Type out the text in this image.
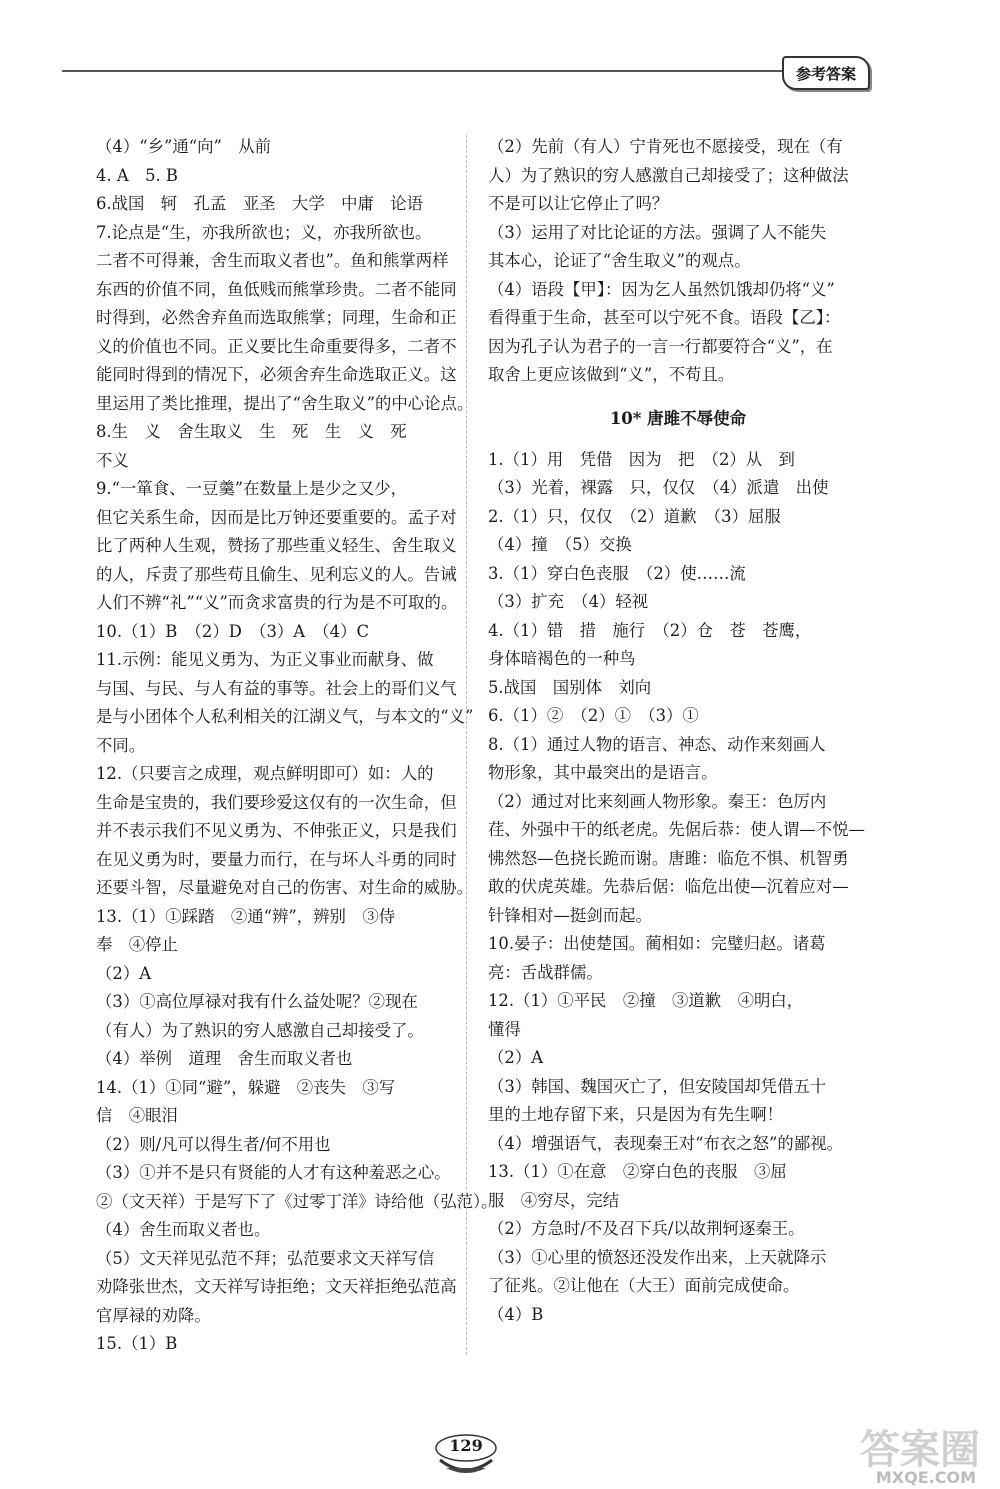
参考答案
（4）“乡”通“向”　从前
4. A　5. B
6.战国　轲　孔孟　亚圣　大学　中庸　论语
7.论点是“生，亦我所欲也；义，亦我所欲也。
二者不可得兼，舍生而取义者也”。鱼和熊掌两样
东西的价值不同，鱼低贱而熊掌珍贵。二者不能同
时得到，必然舍弃鱼而选取熊掌；同理，生命和正
义的价值也不同。正义要比生命重要得多，二者不
能同时得到的情况下，必须舍弃生命选取正义。这
里运用了类比推理，提出了“舍生取义”的中心论点。
8.生　义　舍生取义　生　死　生　义　死
不义
9.“一箪食、一豆羹”在数量上是少之又少，
但它关系生命，因而是比万钟还要重要的。孟子对
比了两种人生观，赞扬了那些重义轻生、舍生取义
的人，斥责了那些苟且偷生、见利忘义的人。告诫
人们不辨“礼”“义”而贪求富贵的行为是不可取的。
10.（1）B　（2）D　（3）A　（4）C
11.示例：能见义勇为、为正义事业而献身、做
与国、与民、与人有益的事等。社会上的哥们义气
是与小团体个人私利相关的江湖义气，与本文的“义”
不同。
12.（只要言之成理，观点鲜明即可）如：人的
生命是宝贵的，我们要珍爱这仅有的一次生命，但
并不表示我们不见义勇为、不伸张正义，只是我们
在见义勇为时，要量力而行，在与坏人斗勇的同时
还要斗智，尽量避免对自己的伤害、对生命的威胁。
13.（1）①踩踏　②通“辨”，辨别　③侍
奉　④停止
（2）A
（3）①高位厚禄对我有什么益处呢？②现在
（有人）为了熟识的穷人感激自己却接受了。
（4）举例　道理　舍生而取义者也
14.（1）①同“避”，躲避　②丧失　③写
信　④眼泪
（2）则/凡可以得生者/何不用也
（3）①并不是只有贤能的人才有这种羞恶之心。
②（文天祥）于是写下了《过零丁洋》诗给他（弘范）。
（4）舍生而取义者也。
（5）文天祥见弘范不拜；弘范要求文天祥写信
劝降张世杰，文天祥写诗拒绝；文天祥拒绝弘范高
官厚禄的劝降。
15.（1）B
（2）先前（有人）宁肯死也不愿接受，现在（有
人）为了熟识的穷人感激自己却接受了；这种做法
不是可以让它停止了吗？
（3）运用了对比论证的方法。强调了人不能失
其本心，论证了“舍生取义”的观点。
（4）语段【甲】：因为乞人虽然饥饿却仍将“义”
看得重于生命，甚至可以宁死不食。语段【乙】：
因为孔子认为君子的一言一行都要符合“义”，在
取舍上更应该做到“义”，不苟且。
10* 唐雎不辱使命
1.（1）用　凭借　因为　把　（2）从　到
（3）光着，裸露　只，仅仅　（4）派遣　出使
2.（1）只，仅仅　（2）道歉　（3）屈服
（4）撞　（5）交换
3.（1）穿白色丧服　（2）使……流
（3）扩充　（4）轻视
4.（1）错　措　施行　（2）仓　苍　苍鹰，
身体暗褐色的一种鸟
5.战国　国别体　刘向
6.（1）②　（2）①　（3）①
8.（1）通过人物的语言、神态、动作来刻画人
物形象，其中最突出的是语言。
（2）通过对比来刻画人物形象。秦王：色厉内
荏、外强中干的纸老虎。先倨后恭：使人谓—不悦—
怫然怒—色挠长跪而谢。唐雎：临危不惧、机智勇
敢的伏虎英雄。先恭后倨：临危出使—沉着应对—
针锋相对—挺剑而起。
10.晏子：出使楚国。蔺相如：完璧归赵。诸葛
亮：舌战群儒。
12.（1）①平民　②撞　③道歉　④明白，
懂得
（2）A
（3）韩国、魏国灭亡了，但安陵国却凭借五十
里的土地存留下来，只是因为有先生啊！
（4）增强语气，表现秦王对“布衣之怒”的鄙视。
13.（1）①在意　②穿白色的丧服　③屈
服　④穷尽，完结
（2）方急时/不及召下兵/以故荆轲逐秦王。
（3）①心里的愤怒还没发作出来，上天就降示
了征兆。②让他在（大王）面前完成使命。
（4）B
129	答案圈
MXQE.COM
